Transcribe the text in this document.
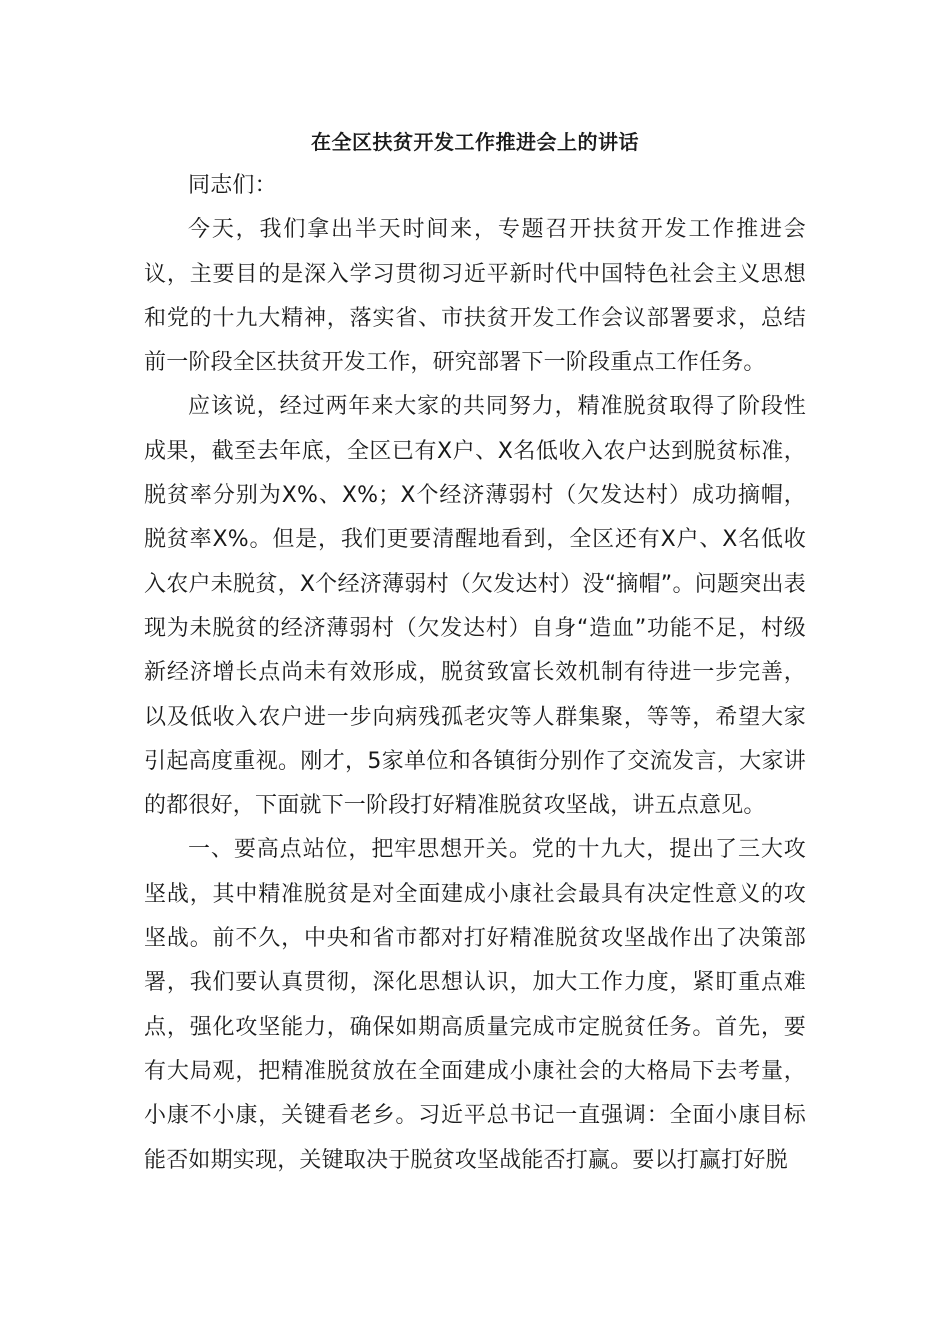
在全区扶贫开发工作推进会上的讲话

同志们：

今天，我们拿出半天时间来，专题召开扶贫开发工作推进会议，主要目的是深入学习贯彻习近平新时代中国特色社会主义思想和党的十九大精神，落实省、市扶贫开发工作会议部署要求，总结前一阶段全区扶贫开发工作，研究部署下一阶段重点工作任务。

应该说，经过两年来大家的共同努力，精准脱贫取得了阶段性成果，截至去年底，全区已有X户、X名低收入农户达到脱贫标准，脱贫率分别为X%、X%；X个经济薄弱村（欠发达村）成功摘帽，脱贫率X%。但是，我们更要清醒地看到，全区还有X户、X名低收入农户未脱贫，X个经济薄弱村（欠发达村）没“摘帽”。问题突出表现为未脱贫的经济薄弱村（欠发达村）自身“造血”功能不足，村级新经济增长点尚未有效形成，脱贫致富长效机制有待进一步完善，以及低收入农户进一步向病残孤老灾等人群集聚，等等，希望大家引起高度重视。刚才，5家单位和各镇街分别作了交流发言，大家讲的都很好，下面就下一阶段打好精准脱贫攻坚战，讲五点意见。

一、要高点站位，把牢思想开关。党的十九大，提出了三大攻坚战，其中精准脱贫是对全面建成小康社会最具有决定性意义的攻坚战。前不久，中央和省市都对打好精准脱贫攻坚战作出了决策部署，我们要认真贯彻，深化思想认识，加大工作力度，紧盯重点难点，强化攻坚能力，确保如期高质量完成市定脱贫任务。首先，要有大局观，把精准脱贫放在全面建成小康社会的大格局下去考量，小康不小康，关键看老乡。习近平总书记一直强调：全面小康目标能否如期实现，关键取决于脱贫攻坚战能否打赢。要以打赢打好脱
